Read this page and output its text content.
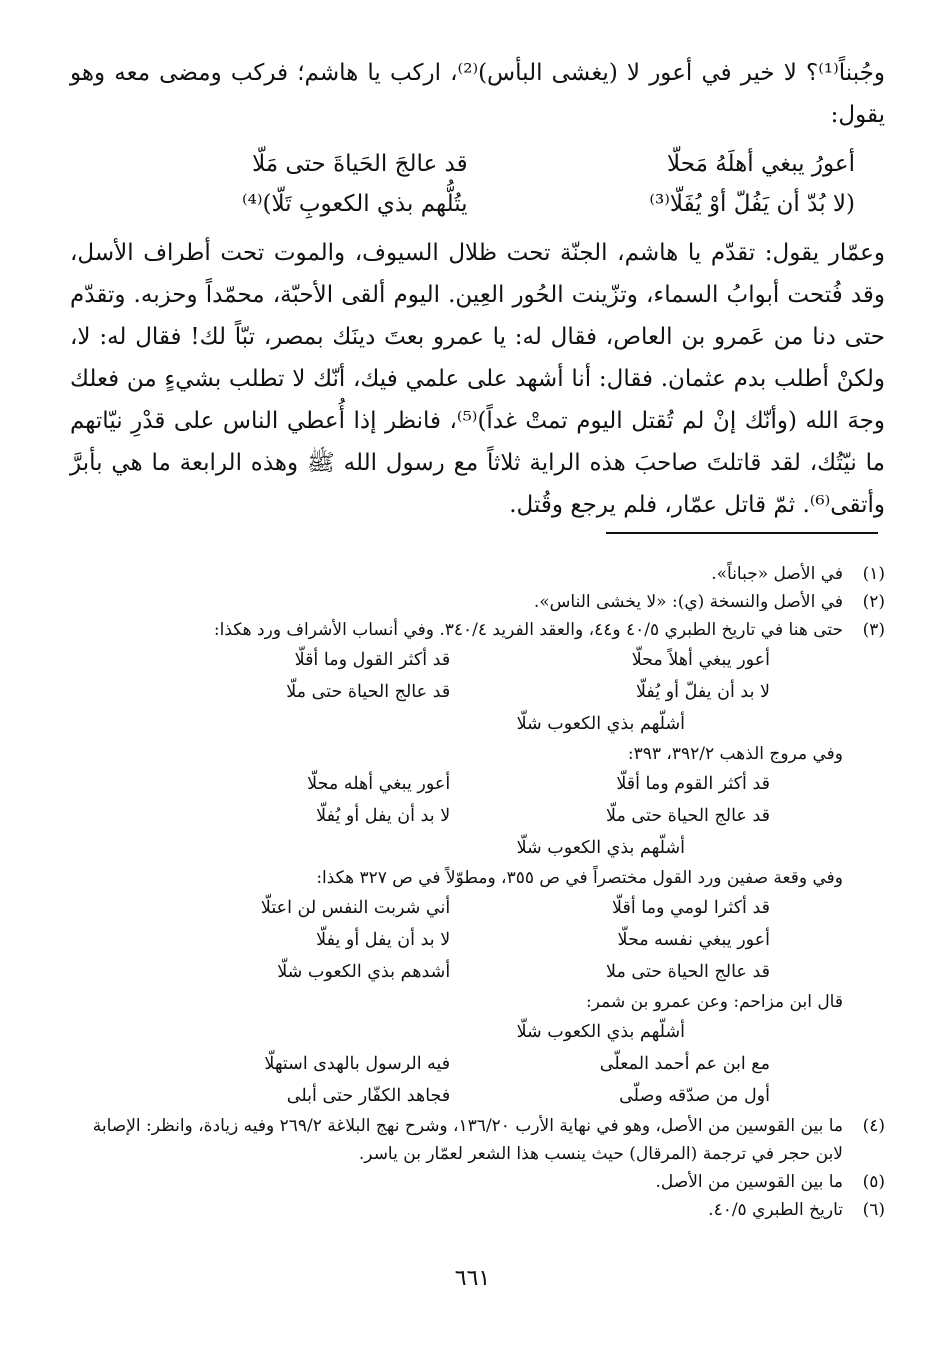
وجُبناً⁽¹⁾؟ لا خير في أعور لا (يغشى البأس)⁽²⁾، اركب يا هاشم؛ فركب ومضى معه وهو يقول:

أعورُ يبغي أهلَهُ مَحلّا
قد عالجَ الحَياةَ حتى مَلّا
(لا بُدّ أن يَفُلّ أوْ يُفَلّا⁽³⁾
يتُلُّهم بذي الكعوبِ تَلّا)⁽⁴⁾

وعمّار يقول: تقدّم يا هاشم، الجنّة تحت ظلال السيوف، والموت تحت أطراف الأسل، وقد فُتحت أبوابُ السماء، وتزّينت الحُور العِين. اليوم ألقى الأحبّة، محمّداً وحزبه. وتقدّم حتى دنا من عَمرو بن العاص، فقال له: يا عمرو بعتَ دينَك بمصر، تبّاً لك! فقال له: لا، ولكنْ أطلب بدم عثمان. فقال: أنا أشهد على علمي فيك، أنّك لا تطلب بشيءٍ من فعلك وجهَ الله (وأنّك إنْ لم تُقتل اليوم تمتْ غداً)⁽⁵⁾، فانظر إذا أُعطي الناس على قدْرِ نيّاتهم ما نيّتُك، لقد قاتلتَ صاحبَ هذه الراية ثلاثاً مع رسول الله ﷺ وهذه الرابعة ما هي بأبرَّ وأتقى⁽⁶⁾. ثمّ قاتل عمّار، فلم يرجع وقُتل.

(١)
في الأصل «جباناً».
(٢)
في الأصل والنسخة (ي): «لا يخشى الناس».
(٣)
حتى هنا في تاريخ الطبري ٤٠/٥ و٤٤، والعقد الفريد ٣٤٠/٤. وفي أنساب الأشراف ورد هكذا:
أعور يبغي أهلاً محلّا
قد أكثر القول وما أقلّا
لا بد أن يفلّ أو يُفلّا
قد عالج الحياة حتى ملّا
أشلّهم بذي الكعوب شلّا
وفي مروج الذهب ٣٩٢/٢، ٣٩٣:
قد أكثر القوم وما أقلّا
أعور يبغي أهله محلّا
قد عالج الحياة حتى ملّا
لا بد أن يفل أو يُفلّا
أشلّهم بذي الكعوب شلّا
وفي وقعة صفين ورد القول مختصراً في ص ٣٥٥، ومطوّلاً في ص ٣٢٧ هكذا:
قد أكثرا لومي وما أقلّا
أني شربت النفس لن اعتلّا
أعور يبغي نفسه محلّا
لا بد أن يفل أو يفلّا
قد عالج الحياة حتى ملا
أشدهم بذي الكعوب شلّا
قال ابن مزاحم: وعن عمرو بن شمر:
أشلّهم بذي الكعوب شلّا
مع ابن عم أحمد المعلّى
فيه الرسول بالهدى استهلّا
أول من صدّقه وصلّى
فجاهد الكفّار حتى أبلى
(٤)
ما بين القوسين من الأصل، وهو في نهاية الأرب ١٣٦/٢٠، وشرح نهج البلاغة ٢٦٩/٢ وفيه زيادة، وانظر: الإصابة لابن حجر في ترجمة (المرقال) حيث ينسب هذا الشعر لعمّار بن ياسر.
(٥)
ما بين القوسين من الأصل.
(٦)
تاريخ الطبري ٤٠/٥.
٦٦١
